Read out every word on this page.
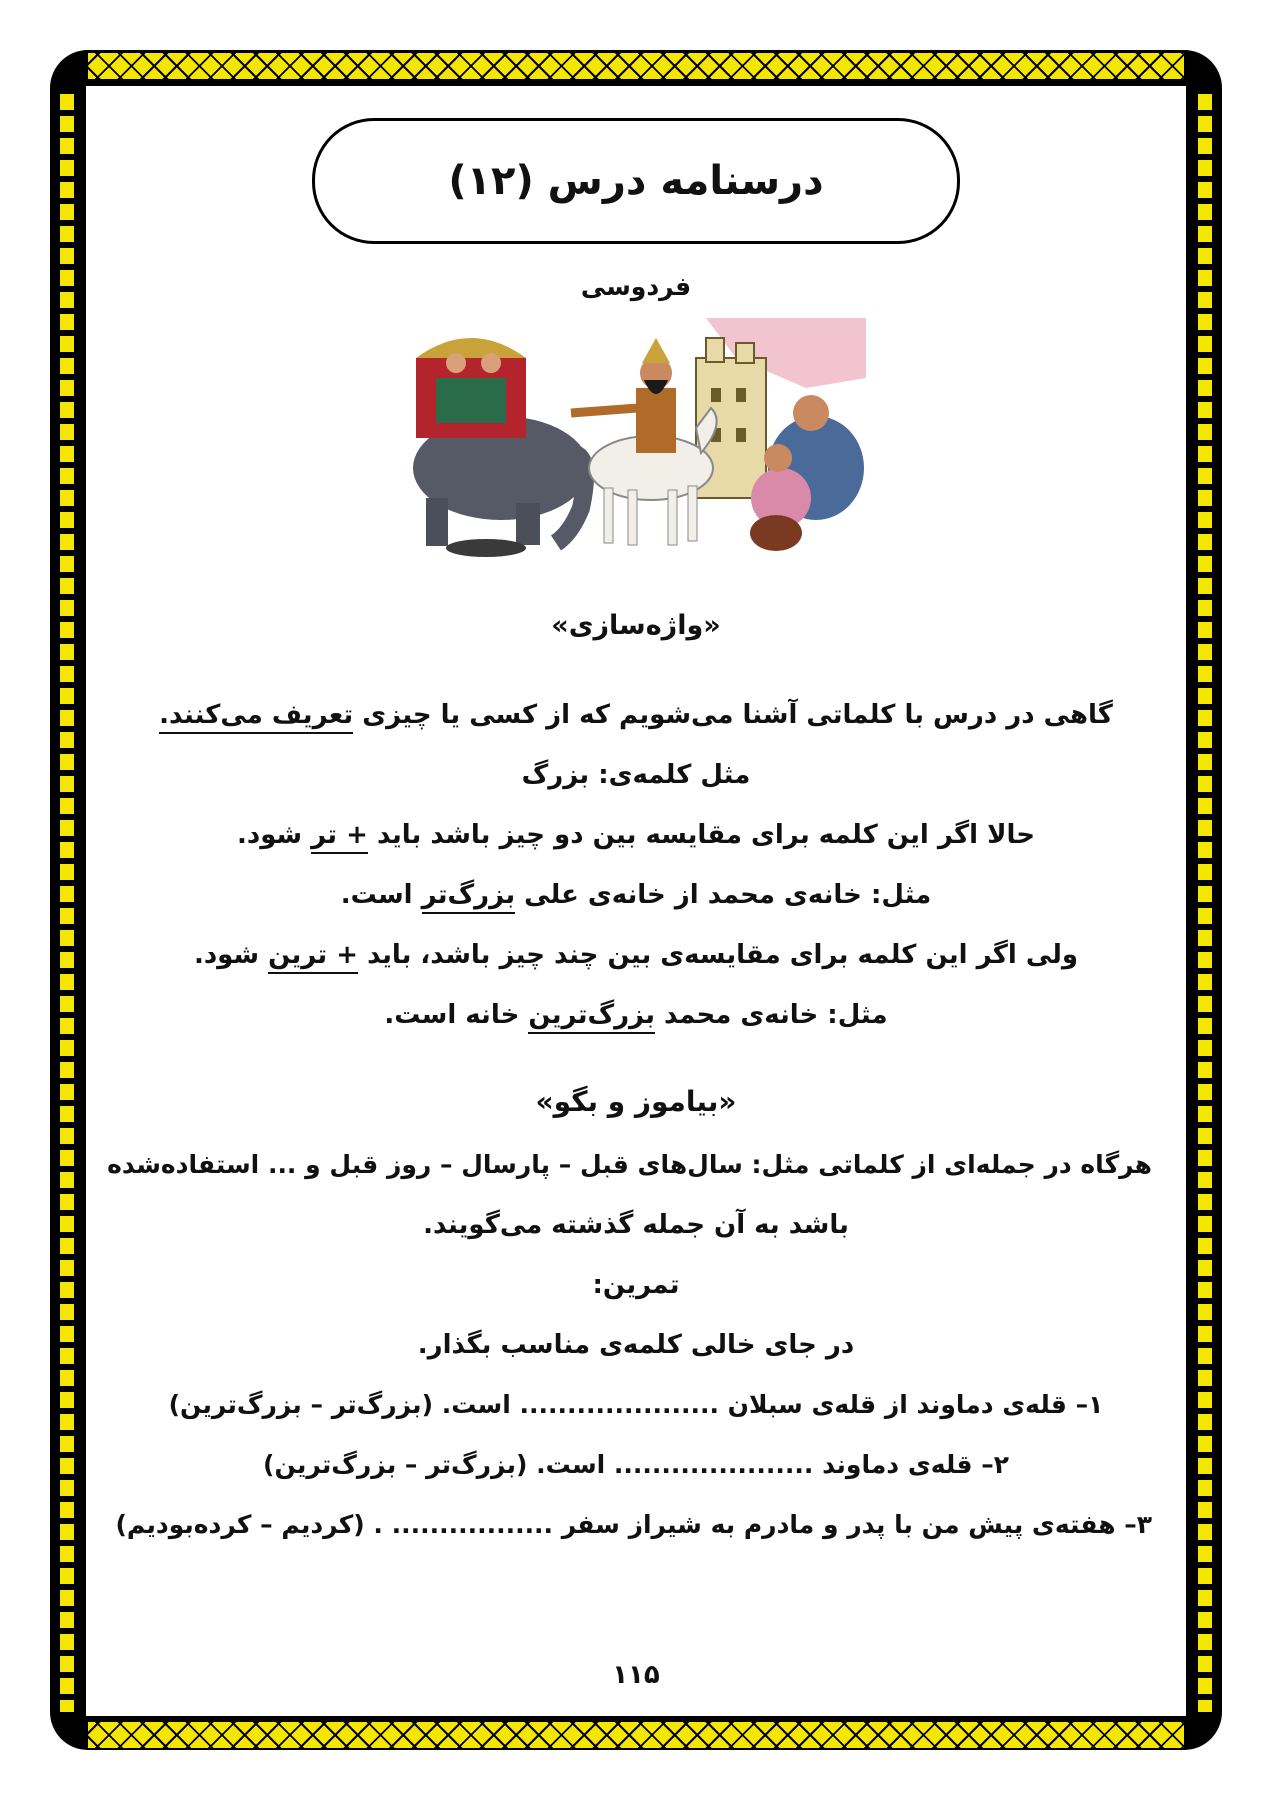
درسنامه درس (۱۲)
فردوسی
«واژه‌سازی»
گاهی در درس با کلماتی آشنا می‌شویم که از کسی یا چیزی تعریف می‌کنند.
مثل کلمه‌ی: بزرگ
حالا اگر این کلمه برای مقایسه بین دو چیز باشد باید + تر شود.
مثل: خانه‌ی محمد از خانه‌ی علی بزرگ‌تر است.
ولی اگر این کلمه برای مقایسه‌ی بین چند چیز باشد، باید + ترین شود.
مثل: خانه‌ی محمد بزرگ‌ترین خانه است.
«بیاموز و بگو»
هرگاه در جمله‌ای از کلماتی مثل: سال‌های قبل – پارسال – روز قبل و ... استفاده‌شده
باشد به آن جمله گذشته می‌گویند.
تمرین:
در جای خالی کلمه‌ی مناسب بگذار.
۱– قله‌ی دماوند از قله‌ی سبلان ..................... است. (بزرگ‌تر – بزرگ‌ترین)
۲– قله‌ی دماوند ..................... است. (بزرگ‌تر – بزرگ‌ترین)
۳– هفته‌ی پیش من با پدر و مادرم به شیراز سفر ................. . (کردیم – کرده‌بودیم)
۱۱۵
